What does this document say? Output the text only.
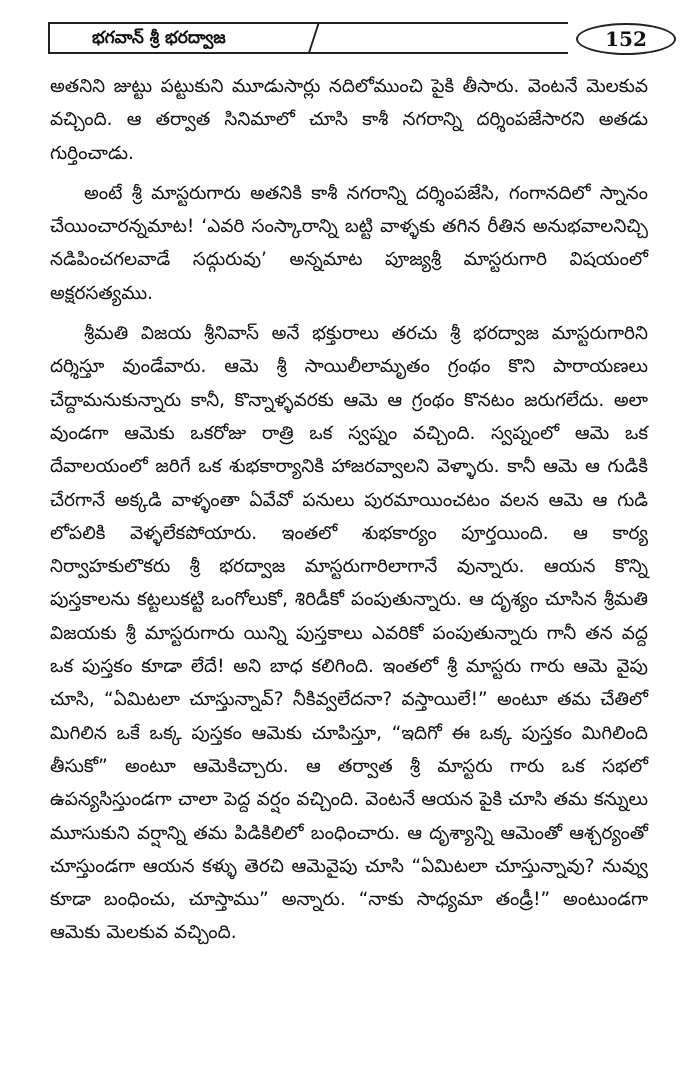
భగవాన్ శ్రీ భరద్వాజ	152

అతనిని జుట్టు పట్టుకుని మూడుసార్లు నదిలోముంచి పైకి తీసారు. వెంటనే మెలకువ వచ్చింది. ఆ తర్వాత సినిమాలో చూసి కాశీ నగరాన్ని దర్శింపజేసారని అతడు గుర్తించాడు.

అంటే శ్రీ మాస్టరుగారు అతనికి కాశీ నగరాన్ని దర్శింపజేసి, గంగానదిలో స్నానం చేయించారన్నమాట! ‘ఎవరి సంస్కారాన్ని బట్టి వాళ్ళకు తగిన రీతిన అనుభవాలనిచ్చి నడిపించగలవాడే సద్గురువు’ అన్నమాట పూజ్యశ్రీ మాస్టరుగారి విషయంలో అక్షరసత్యము.

శ్రీమతి విజయ శ్రీనివాస్ అనే భక్తురాలు తరచు శ్రీ భరద్వాజ మాస్టరుగారిని దర్శిస్తూ వుండేవారు. ఆమె శ్రీ సాయిలీలామృతం గ్రంథం కొని పారాయణలు చేద్దామనుకున్నారు కానీ, కొన్నాళ్ళవరకు ఆమె ఆ గ్రంథం కొనటం జరుగలేదు. అలా వుండగా ఆమెకు ఒకరోజు రాత్రి ఒక స్వప్నం వచ్చింది. స్వప్నంలో ఆమె ఒక దేవాలయంలో జరిగే ఒక శుభకార్యానికి హాజరవ్వాలని వెళ్ళారు. కానీ ఆమె ఆ గుడికి చేరగానే అక్కడి వాళ్ళంతా ఏవేవో పనులు పురమాయించటం వలన ఆమె ఆ గుడి లోపలికి వెళ్ళలేకపోయారు. ఇంతలో శుభకార్యం పూర్తయింది. ఆ కార్య నిర్వాహకులొకరు శ్రీ భరద్వాజ మాస్టరుగారిలాగానే వున్నారు. ఆయన కొన్ని పుస్తకాలను కట్టలుకట్టి ఒంగోలుకో, శిరిడీకో పంపుతున్నారు. ఆ దృశ్యం చూసిన శ్రీమతి విజయకు శ్రీ మాస్టరుగారు యిన్ని పుస్తకాలు ఎవరికో పంపుతున్నారు గానీ తన వద్ద ఒక పుస్తకం కూడా లేదే! అని బాధ కలిగింది. ఇంతలో శ్రీ మాస్టరు గారు ఆమె వైపు చూసి, “ఏమిటలా చూస్తున్నావ్? నీకివ్వలేదనా? వస్తాయిలే!” అంటూ తమ చేతిలో మిగిలిన ఒకే ఒక్క పుస్తకం ఆమెకు చూపిస్తూ, “ఇదిగో ఈ ఒక్క పుస్తకం మిగిలింది తీసుకో” అంటూ ఆమెకిచ్చారు. ఆ తర్వాత శ్రీ మాస్టరు గారు ఒక సభలో ఉపన్యసిస్తుండగా చాలా పెద్ద వర్షం వచ్చింది. వెంటనే ఆయన పైకి చూసి తమ కన్నులు మూసుకుని వర్షాన్ని తమ పిడికిలిలో బంధించారు. ఆ దృశ్యాన్ని ఆమెంతో ఆశ్చర్యంతో చూస్తుండగా ఆయన కళ్ళు తెరచి ఆమెవైపు చూసి “ఏమిటలా చూస్తున్నావు? నువ్వు కూడా బంధించు, చూస్తాము” అన్నారు. “నాకు సాధ్యమా తండ్రీ!” అంటుండగా ఆమెకు మెలకువ వచ్చింది.
